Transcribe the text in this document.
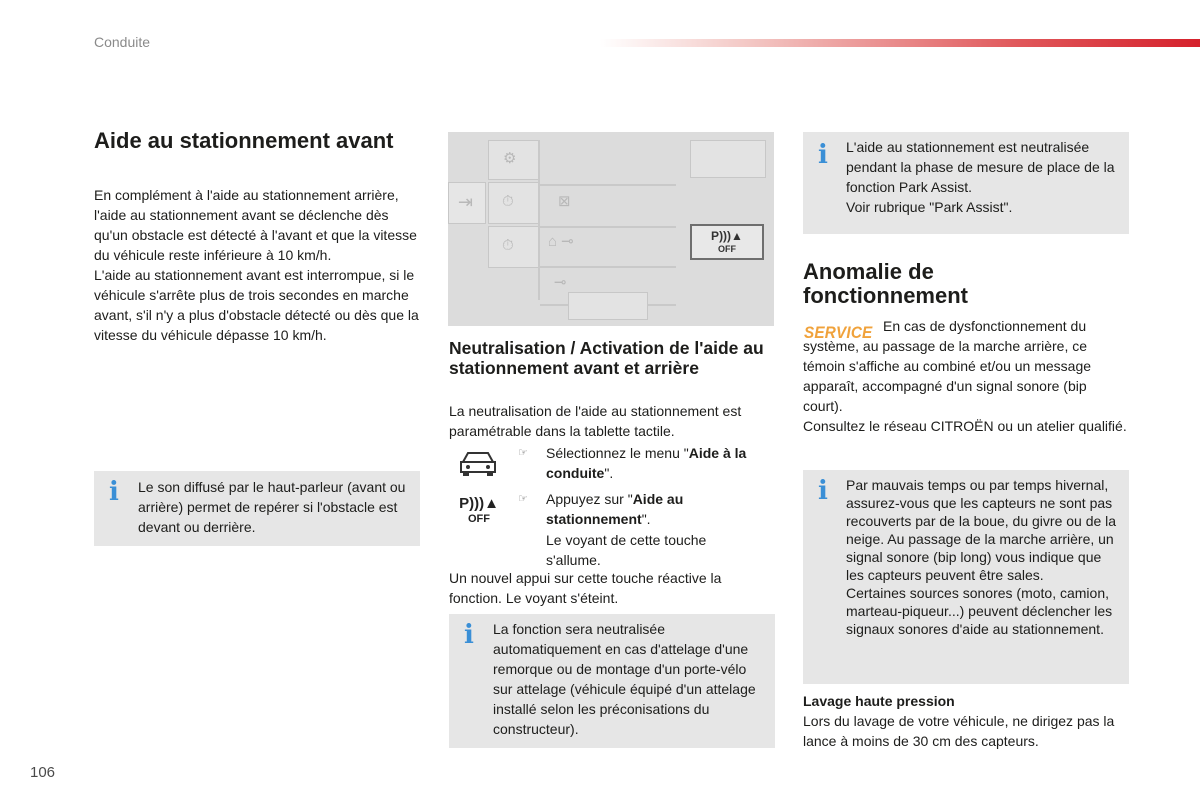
Conduite
Aide au stationnement avant

En complément à l'aide au stationnement arrière, l'aide au stationnement avant se déclenche dès qu'un obstacle est détecté à l'avant et que la vitesse du véhicule reste inférieure à 10 km/h.

L'aide au stationnement avant est interrompue, si le véhicule s'arrête plus de trois secondes en marche avant, s'il n'y a plus d'obstacle détecté ou dès que la vitesse du véhicule dépasse 10 km/h.

i Le son diffusé par le haut-parleur (avant ou arrière) permet de repérer si l'obstacle est devant ou derrière.
⇥
⚙
⏱
⏱
⊠
⌂ ⊸
⊸
P)))▲
OFF
Neutralisation / Activation de l'aide au stationnement avant et arrière
La neutralisation de l'aide au stationnement est paramétrable dans la tablette tactile.
P)))▲
OFF
☞ Sélectionnez le menu "Aide à la conduite".
☞ Appuyez sur "Aide au stationnement".
Le voyant de cette touche s'allume.
Un nouvel appui sur cette touche réactive la fonction. Le voyant s'éteint.
i La fonction sera neutralisée automatiquement en cas d'attelage d'une remorque ou de montage d'un porte-vélo sur attelage (véhicule équipé d'un attelage installé selon les préconisations du constructeur).
i L'aide au stationnement est neutralisée pendant la phase de mesure de place de la fonction Park Assist.

Voir rubrique "Park Assist".

Anomalie de fonctionnement
SERVICE En cas de dysfonctionnement du système, au passage de la marche arrière, ce témoin s'affiche au combiné et/ou un message apparaît, accompagné d'un signal sonore (bip court).
Consultez le réseau CITROËN ou un atelier qualifié.
i Par mauvais temps ou par temps hivernal, assurez-vous que les capteurs ne sont pas recouverts par de la boue, du givre ou de la neige. Au passage de la marche arrière, un signal sonore (bip long) vous indique que les capteurs peuvent être sales.

Certaines sources sonores (moto, camion, marteau-piqueur...) peuvent déclencher les signaux sonores d'aide au stationnement.

Lavage haute pression
Lors du lavage de votre véhicule, ne dirigez pas la lance à moins de 30 cm des capteurs.
106
